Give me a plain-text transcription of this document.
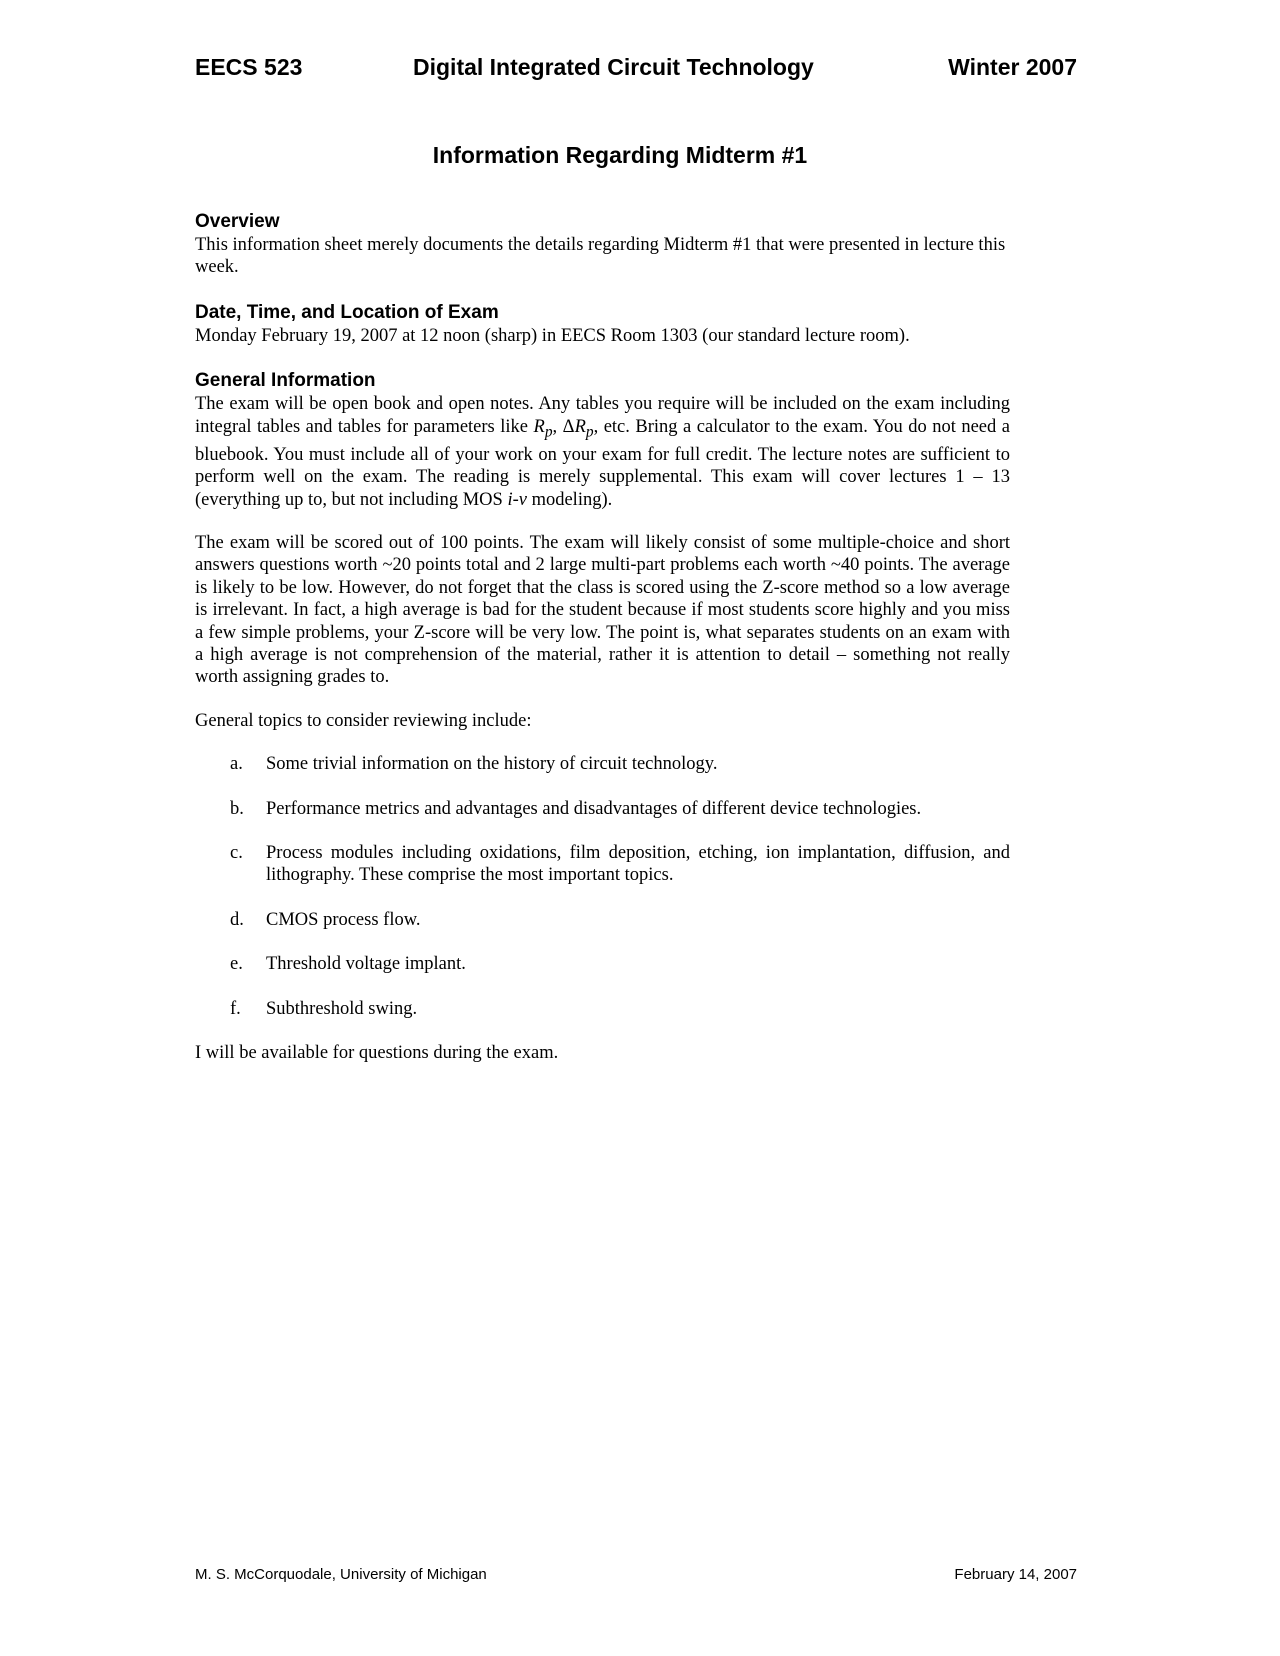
EECS 523	Digital Integrated Circuit Technology	Winter 2007
Information Regarding Midterm #1
Overview

This information sheet merely documents the details regarding Midterm #1 that were presented in lecture this week.

Date, Time, and Location of Exam

Monday February 19, 2007 at 12 noon (sharp) in EECS Room 1303 (our standard lecture room).

General Information

The exam will be open book and open notes. Any tables you require will be included on the exam including integral tables and tables for parameters like $R_p$, $\Delta R_p$, etc. Bring a calculator to the exam. You do not need a bluebook. You must include all of your work on your exam for full credit. The lecture notes are sufficient to perform well on the exam. The reading is merely supplemental. This exam will cover lectures 1 – 13 (everything up to, but not including MOS i-v modeling).

The exam will be scored out of 100 points. The exam will likely consist of some multiple-choice and short answers questions worth ~20 points total and 2 large multi-part problems each worth ~40 points. The average is likely to be low. However, do not forget that the class is scored using the Z-score method so a low average is irrelevant. In fact, a high average is bad for the student because if most students score highly and you miss a few simple problems, your Z-score will be very low. The point is, what separates students on an exam with a high average is not comprehension of the material, rather it is attention to detail – something not really worth assigning grades to.

General topics to consider reviewing include:

a.	Some trivial information on the history of circuit technology.
b.	Performance metrics and advantages and disadvantages of different device technologies.
c.	Process modules including oxidations, film deposition, etching, ion implantation, diffusion, and lithography. These comprise the most important topics.
d.	CMOS process flow.
e.	Threshold voltage implant.
f.	Subthreshold swing.

I will be available for questions during the exam.

M. S. McCorquodale, University of Michigan	February 14, 2007
